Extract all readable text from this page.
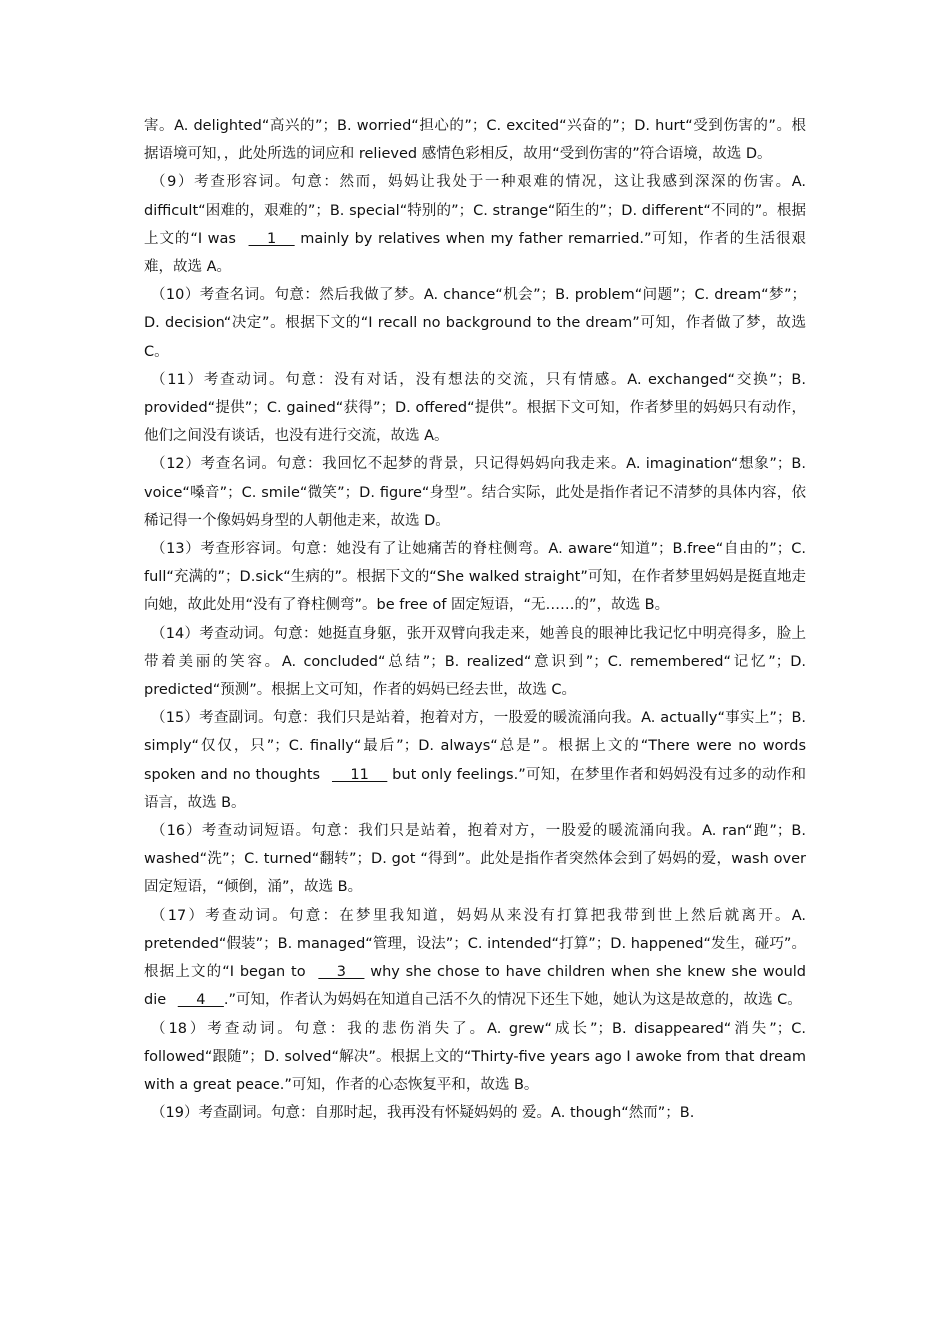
害。A. delighted“高兴的”；B. worried“担心的”；C. excited“兴奋的”；D. hurt“受到伤害的”。根据语境可知，，此处所选的词应和 relieved 感情色彩相反，故用“受到伤害的”符合语境，故选 D。

（9）考查形容词。句意：然而，妈妈让我处于一种艰难的情况，这让我感到深深的伤害。A. difficult“困难的，艰难的”；B. special“特别的”；C. strange“陌生的”；D. different“不同的”。根据上文的“I was     1     mainly by relatives when my father remarried.”可知，作者的生活很艰难，故选 A。

（10）考查名词。句意：然后我做了梦。A. chance“机会”；B. problem“问题”；C. dream“梦”；D. decision“决定”。根据下文的“I recall no background to the dream”可知，作者做了梦，故选 C。

（11）考查动词。句意：没有对话，没有想法的交流，只有情感。A. exchanged“交换”；B. provided“提供”；C. gained“获得”；D. offered“提供”。根据下文可知，作者梦里的妈妈只有动作，他们之间没有谈话，也没有进行交流，故选 A。

（12）考查名词。句意：我回忆不起梦的背景，只记得妈妈向我走来。A. imagination“想象”；B. voice“嗓音”；C. smile“微笑”；D. figure“身型”。结合实际，此处是指作者记不清梦的具体内容，依稀记得一个像妈妈身型的人朝他走来，故选 D。

（13）考查形容词。句意：她没有了让她痛苦的脊柱侧弯。A. aware“知道”；B.free“自由的”；C. full“充满的”；D.sick“生病的”。根据下文的“She walked straight”可知，在作者梦里妈妈是挺直地走向她，故此处用“没有了脊柱侧弯”。be free of 固定短语，“无……的”，故选 B。

（14）考查动词。句意：她挺直身躯，张开双臂向我走来，她善良的眼神比我记忆中明亮得多，脸上带着美丽的笑容。A. concluded“总结”；B. realized“意识到”；C. remembered“记忆”；D. predicted“预测”。根据上文可知，作者的妈妈已经去世，故选 C。

（15）考查副词。句意：我们只是站着，抱着对方，一股爱的暖流涌向我。A. actually“事实上”；B. simply“仅仅，只”；C. finally“最后”；D. always“总是”。根据上文的“There were no words spoken and no thoughts     11     but only feelings.”可知，在梦里作者和妈妈没有过多的动作和语言，故选 B。

（16）考查动词短语。句意：我们只是站着，抱着对方，一股爱的暖流涌向我。A. ran“跑”；B. washed“洗”；C. turned“翻转”；D. got “得到”。此处是指作者突然体会到了妈妈的爱，wash over 固定短语，“倾倒，涌”，故选 B。

（17）考查动词。句意：在梦里我知道，妈妈从来没有打算把我带到世上然后就离开。A. pretended“假装”；B. managed“管理，设法”；C. intended“打算”；D. happened“发生，碰巧”。根据上文的“I began to     3     why she chose to have children when she knew she would die     4    .”可知，作者认为妈妈在知道自己活不久的情况下还生下她，她认为这是故意的，故选 C。

（18）考查动词。句意：我的悲伤消失了。A. grew“成长”；B. disappeared“消失”；C. followed“跟随”；D. solved“解决”。根据上文的“Thirty-five years ago I awoke from that dream with a great peace.”可知，作者的心态恢复平和，故选 B。

（19）考查副词。句意：自那时起，我再没有怀疑妈妈的 爱。A. though“然而”；B.
